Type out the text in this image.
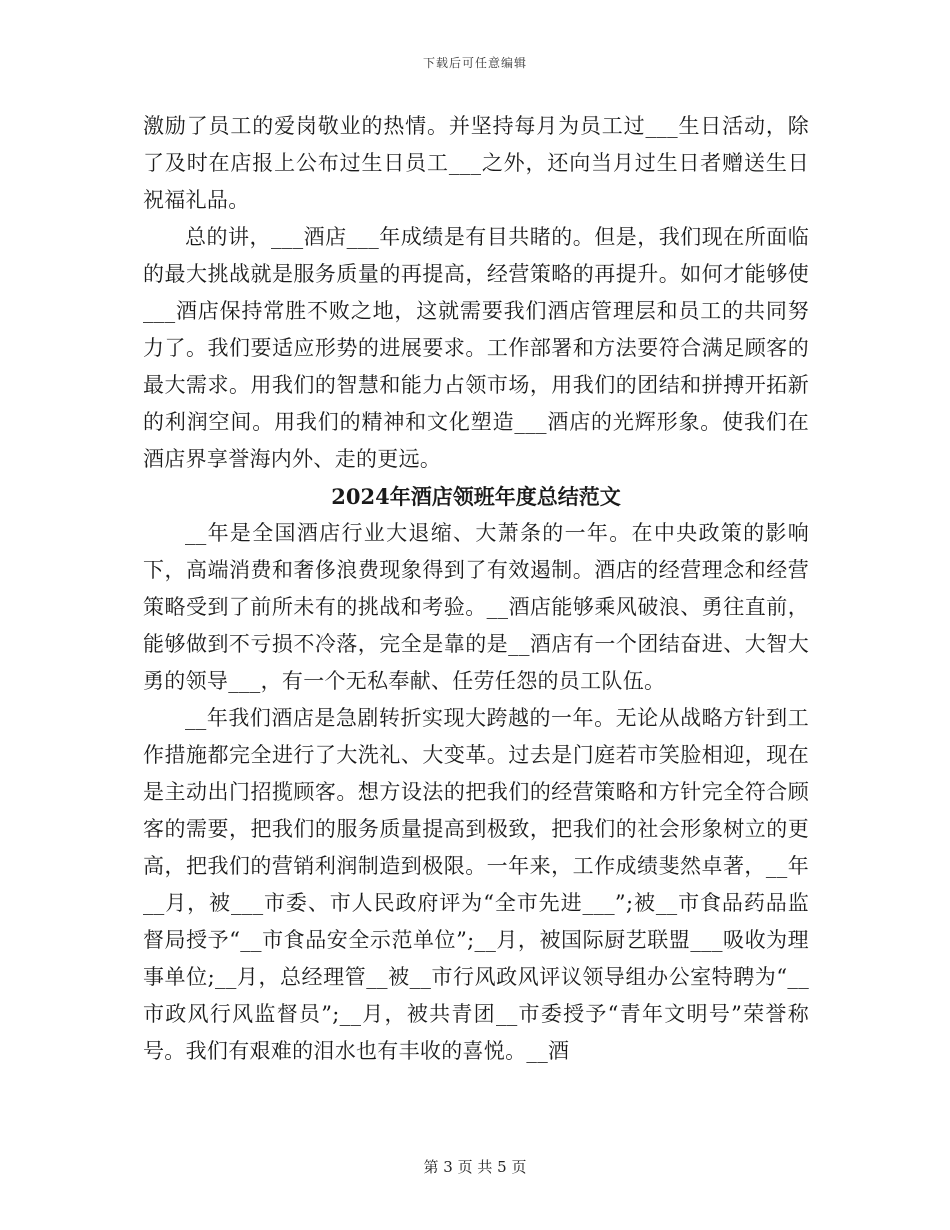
下载后可任意编辑

激励了员工的爱岗敬业的热情。并坚持每月为员工过___生日活动，除了及时在店报上公布过生日员工___之外，还向当月过生日者赠送生日祝福礼品。

总的讲，___酒店___年成绩是有目共睹的。但是，我们现在所面临的最大挑战就是服务质量的再提高，经营策略的再提升。如何才能够使___酒店保持常胜不败之地，这就需要我们酒店管理层和员工的共同努力了。我们要适应形势的进展要求。工作部署和方法要符合满足顾客的最大需求。用我们的智慧和能力占领市场，用我们的团结和拼搏开拓新的利润空间。用我们的精神和文化塑造___酒店的光辉形象。使我们在酒店界享誉海内外、走的更远。

2024年酒店领班年度总结范文

__年是全国酒店行业大退缩、大萧条的一年。在中央政策的影响下，高端消费和奢侈浪费现象得到了有效遏制。酒店的经营理念和经营策略受到了前所未有的挑战和考验。__酒店能够乘风破浪、勇往直前，能够做到不亏损不冷落，完全是靠的是__酒店有一个团结奋进、大智大勇的领导___，有一个无私奉献、任劳任怨的员工队伍。

__年我们酒店是急剧转折实现大跨越的一年。无论从战略方针到工作措施都完全进行了大洗礼、大变革。过去是门庭若市笑脸相迎，现在是主动出门招揽顾客。想方设法的把我们的经营策略和方针完全符合顾客的需要，把我们的服务质量提高到极致，把我们的社会形象树立的更高，把我们的营销利润制造到极限。一年来，工作成绩斐然卓著，__年__月，被___市委、市人民政府评为“全市先进___”;被__市食品药品监督局授予“__市食品安全示范单位”;__月，被国际厨艺联盟___吸收为理事单位;__月，总经理管__被__市行风政风评议领导组办公室特聘为“__市政风行风监督员”;__月，被共青团__市委授予“青年文明号”荣誉称号。我们有艰难的泪水也有丰收的喜悦。__酒

第 3 页 共 5 页
